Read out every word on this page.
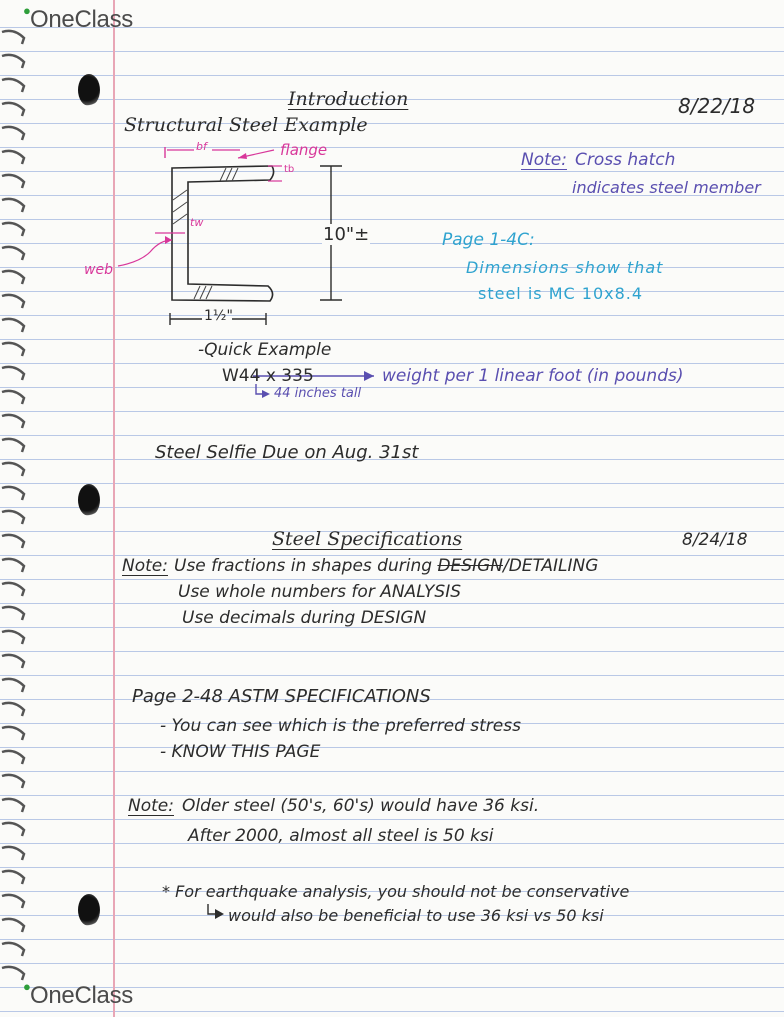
● OneClass
● OneClass
Introduction	8/22/18
Structural Steel Example
bf	flange
tb
tw
web
10"±
1½"
Note: Cross hatch
indicates steel member
Page 1-4C:
Dimensions show that
steel is MC 10x8.4
-Quick Example
W44 x 335	weight per 1 linear foot (in pounds)
44 inches tall
Steel Selfie Due on Aug. 31st
Steel Specifications	8/24/18
Note: Use fractions in shapes during DESIGN/DETAILING
Use whole numbers for ANALYSIS
Use decimals during DESIGN
Page 2-48 ASTM SPECIFICATIONS
- You can see which is the preferred stress
- KNOW THIS PAGE
Note: Older steel (50's, 60's) would have 36 ksi.
After 2000, almost all steel is 50 ksi
* For earthquake analysis, you should not be conservative
would also be beneficial to use 36 ksi vs 50 ksi
